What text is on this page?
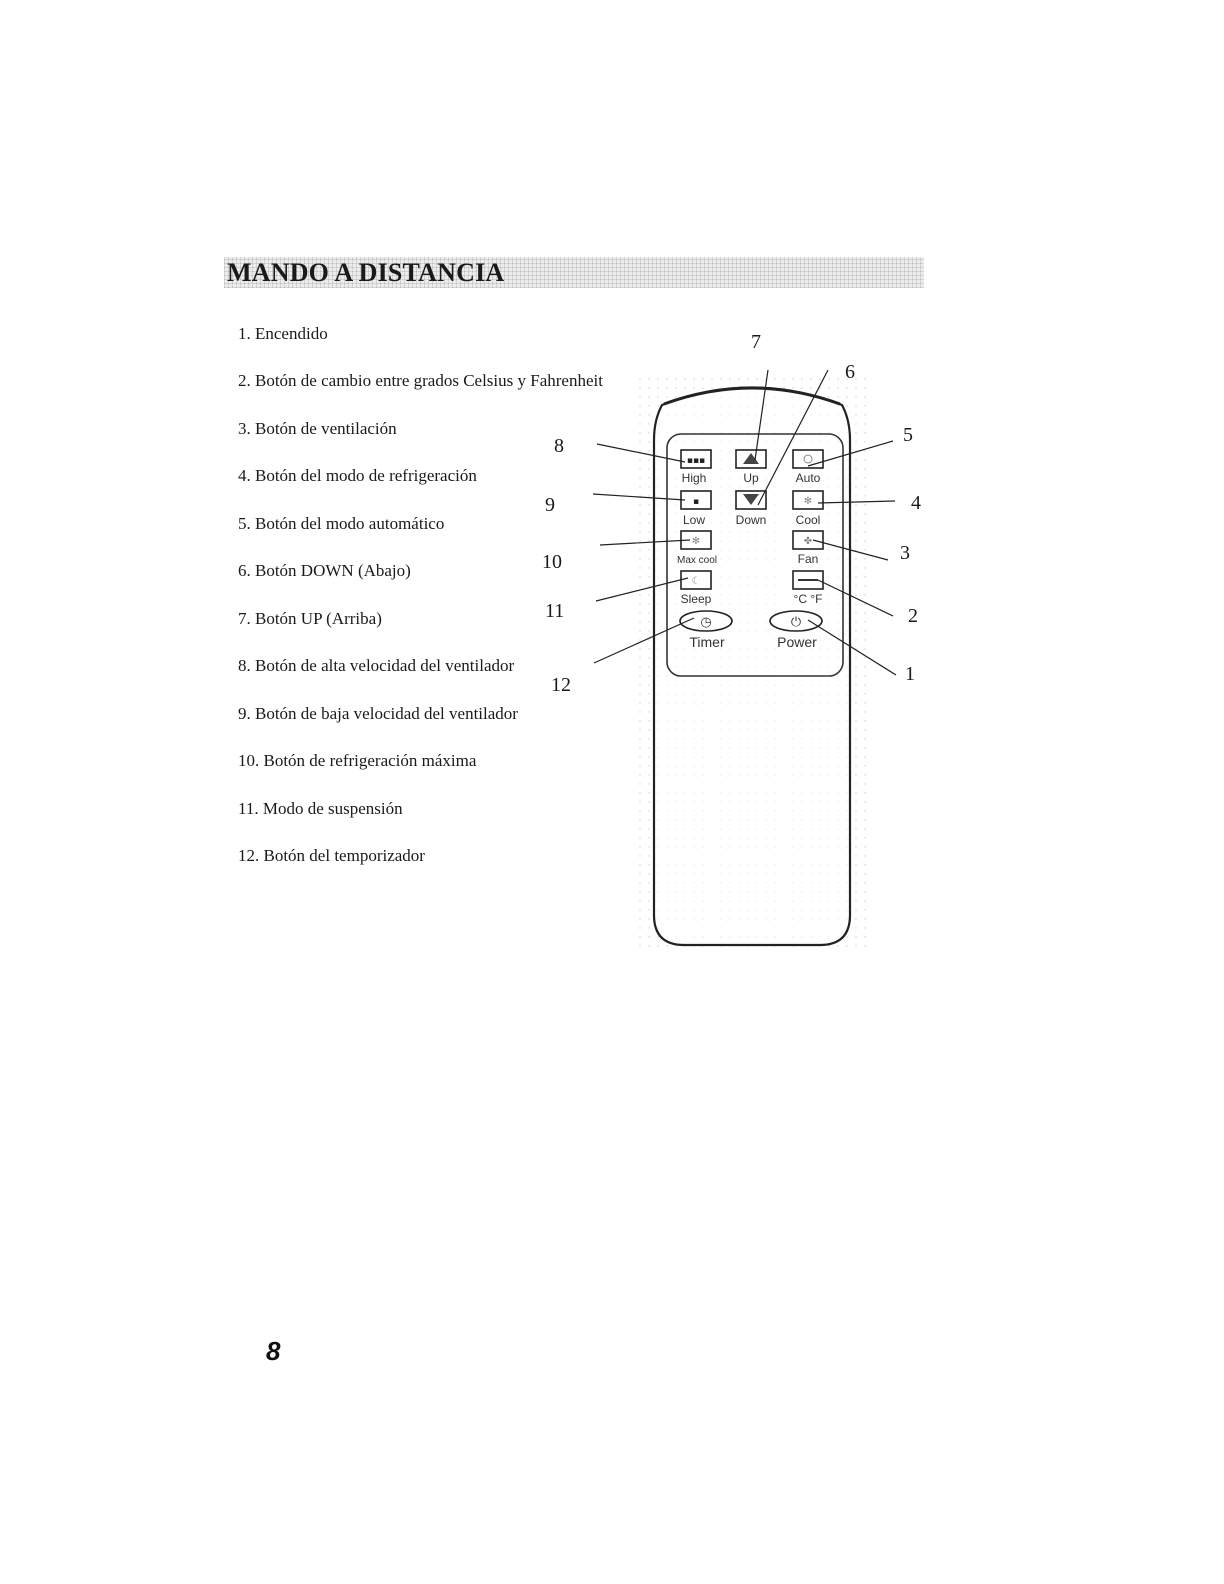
MANDO A DISTANCIA
1. Encendido
2. Botón de cambio entre grados Celsius y Fahrenheit
3. Botón de ventilación
4. Botón del modo de refrigeración
5. Botón del modo automático
6. Botón DOWN (Abajo)
7. Botón UP (Arriba)
8. Botón de alta velocidad del ventilador
9. Botón de baja velocidad del ventilador
10. Botón de refrigeración máxima
11. Modo de suspensión
12. Botón del temporizador
▪▪▪
High	Up	Auto
▪
Low	Down
✻
Cool
✻
Max cool
✤
Fan
☾
Sleep	°C °F
◷
Timer
⏻
Power
7
6
5
4
3
2
1
8
9
10
11
12
8
